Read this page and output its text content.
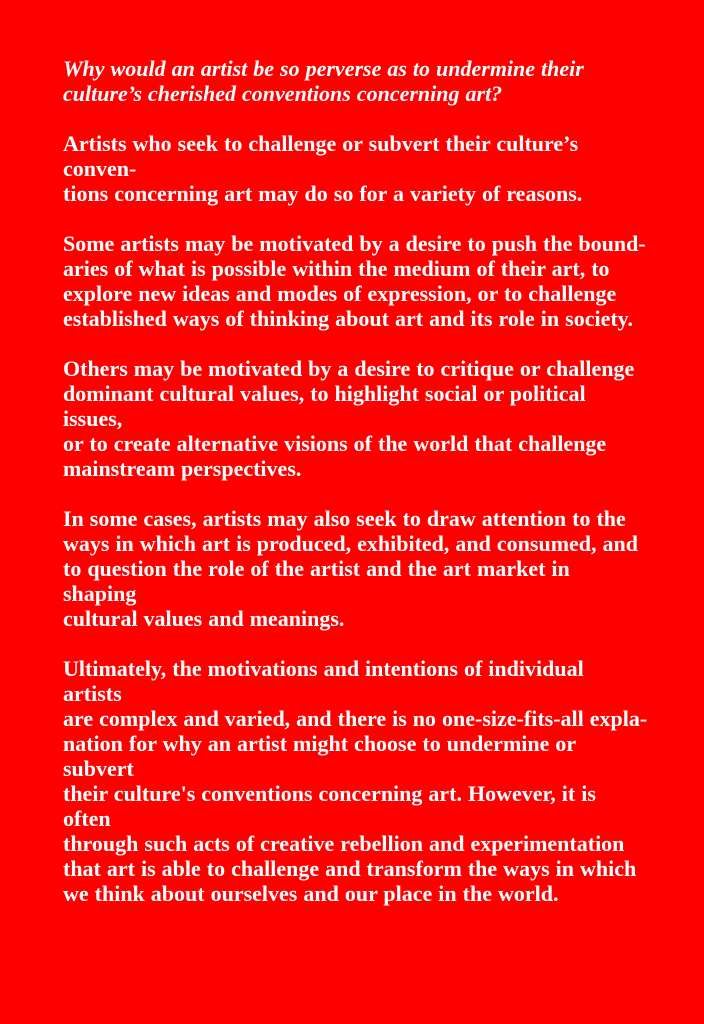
Why would an artist be so perverse as to undermine their
culture’s cherished conventions concerning art?

Artists who seek to challenge or subvert their culture’s conven-
tions concerning art may do so for a variety of reasons.

Some artists may be motivated by a desire to push the bound-
aries of what is possible within the medium of their art, to
explore new ideas and modes of expression, or to challenge
established ways of thinking about art and its role in society.

Others may be motivated by a desire to critique or challenge
dominant cultural values, to highlight social or political issues,
or to create alternative visions of the world that challenge
mainstream perspectives.

In some cases, artists may also seek to draw attention to the
ways in which art is produced, exhibited, and consumed, and
to question the role of the artist and the art market in shaping
cultural values and meanings.

Ultimately, the motivations and intentions of individual artists
are complex and varied, and there is no one-size-fits-all expla-
nation for why an artist might choose to undermine or subvert
their culture's conventions concerning art. However, it is often
through such acts of creative rebellion and experimentation
that art is able to challenge and transform the ways in which
we think about ourselves and our place in the world.
